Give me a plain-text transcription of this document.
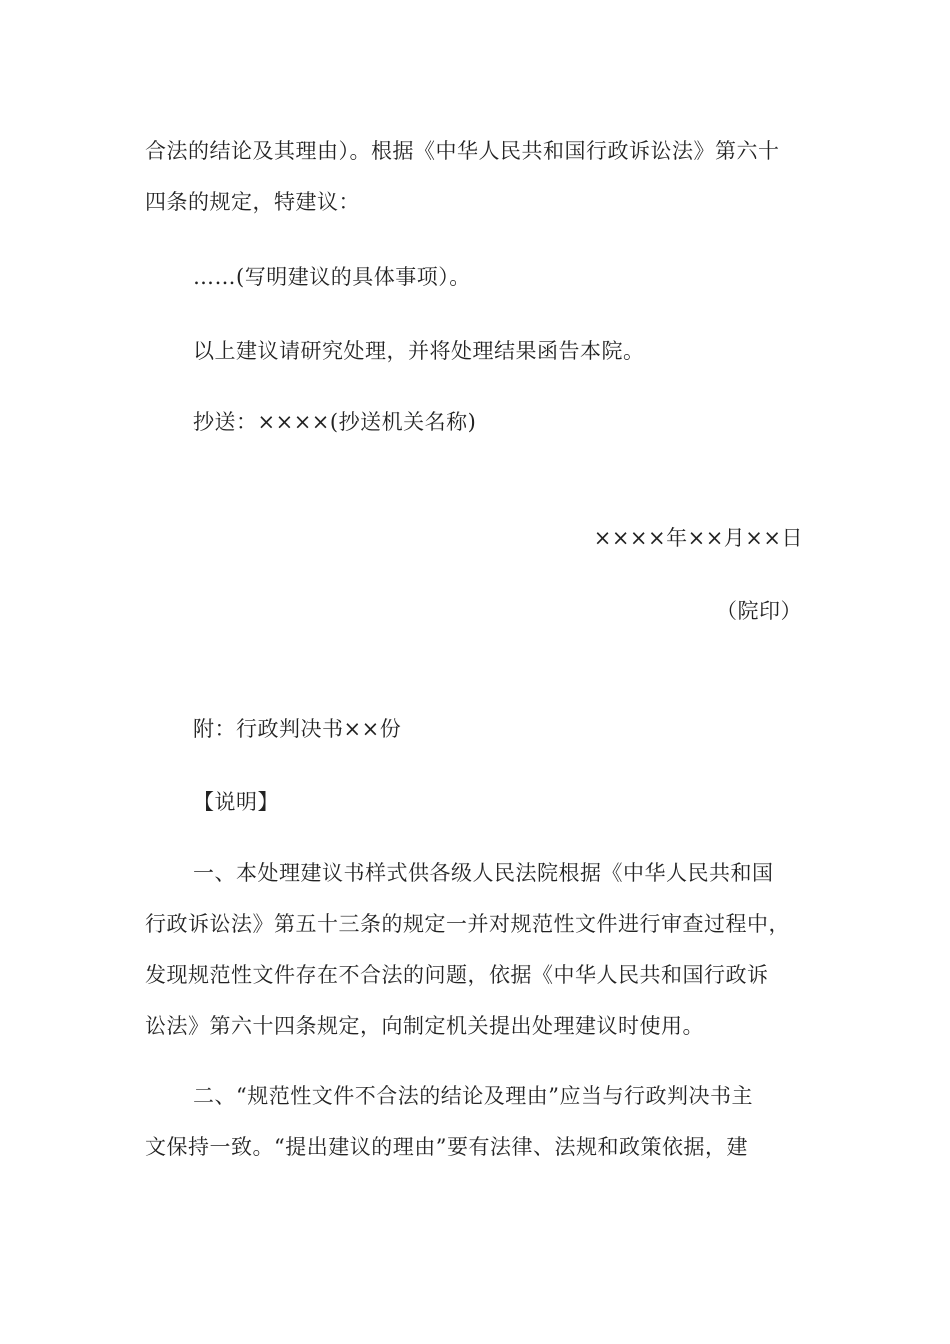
合法的结论及其理由）。根据《中华人民共和国行政诉讼法》第六十
四条的规定，特建议：
……(写明建议的具体事项）。
以上建议请研究处理，并将处理结果函告本院。
抄送：××××(抄送机关名称)
××××年××月××日
（院印）
附：行政判决书××份
【说明】
一、本处理建议书样式供各级人民法院根据《中华人民共和国
行政诉讼法》第五十三条的规定一并对规范性文件进行审查过程中，
发现规范性文件存在不合法的问题，依据《中华人民共和国行政诉
讼法》第六十四条规定，向制定机关提出处理建议时使用。
二、“规范性文件不合法的结论及理由”应当与行政判决书主
文保持一致。“提出建议的理由”要有法律、法规和政策依据，建
